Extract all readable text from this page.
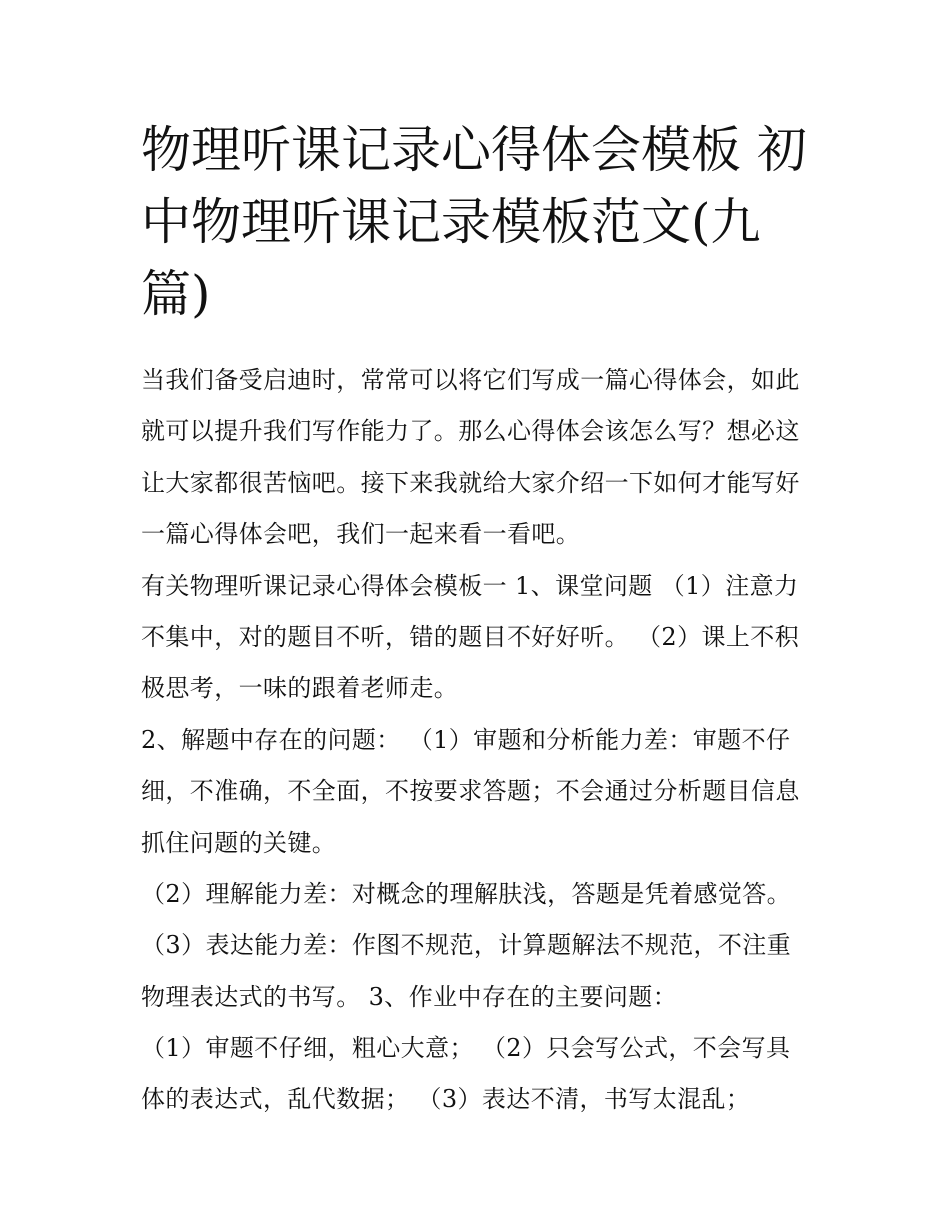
物理听课记录心得体会模板 初
中物理听课记录模板范文(九
篇)
当我们备受启迪时，常常可以将它们写成一篇心得体会，如此
就可以提升我们写作能力了。那么心得体会该怎么写？想必这
让大家都很苦恼吧。接下来我就给大家介绍一下如何才能写好
一篇心得体会吧，我们一起来看一看吧。
有关物理听课记录心得体会模板一 1、课堂问题 （1）注意力
不集中，对的题目不听，错的题目不好好听。 （2）课上不积
极思考，一味的跟着老师走。
2、解题中存在的问题： （1）审题和分析能力差：审题不仔
细，不准确，不全面，不按要求答题；不会通过分析题目信息
抓住问题的关键。
（2）理解能力差：对概念的理解肤浅，答题是凭着感觉答。
（3）表达能力差：作图不规范，计算题解法不规范，不注重
物理表达式的书写。 3、作业中存在的主要问题：
（1）审题不仔细，粗心大意； （2）只会写公式，不会写具
体的表达式，乱代数据； （3）表达不清，书写太混乱；
